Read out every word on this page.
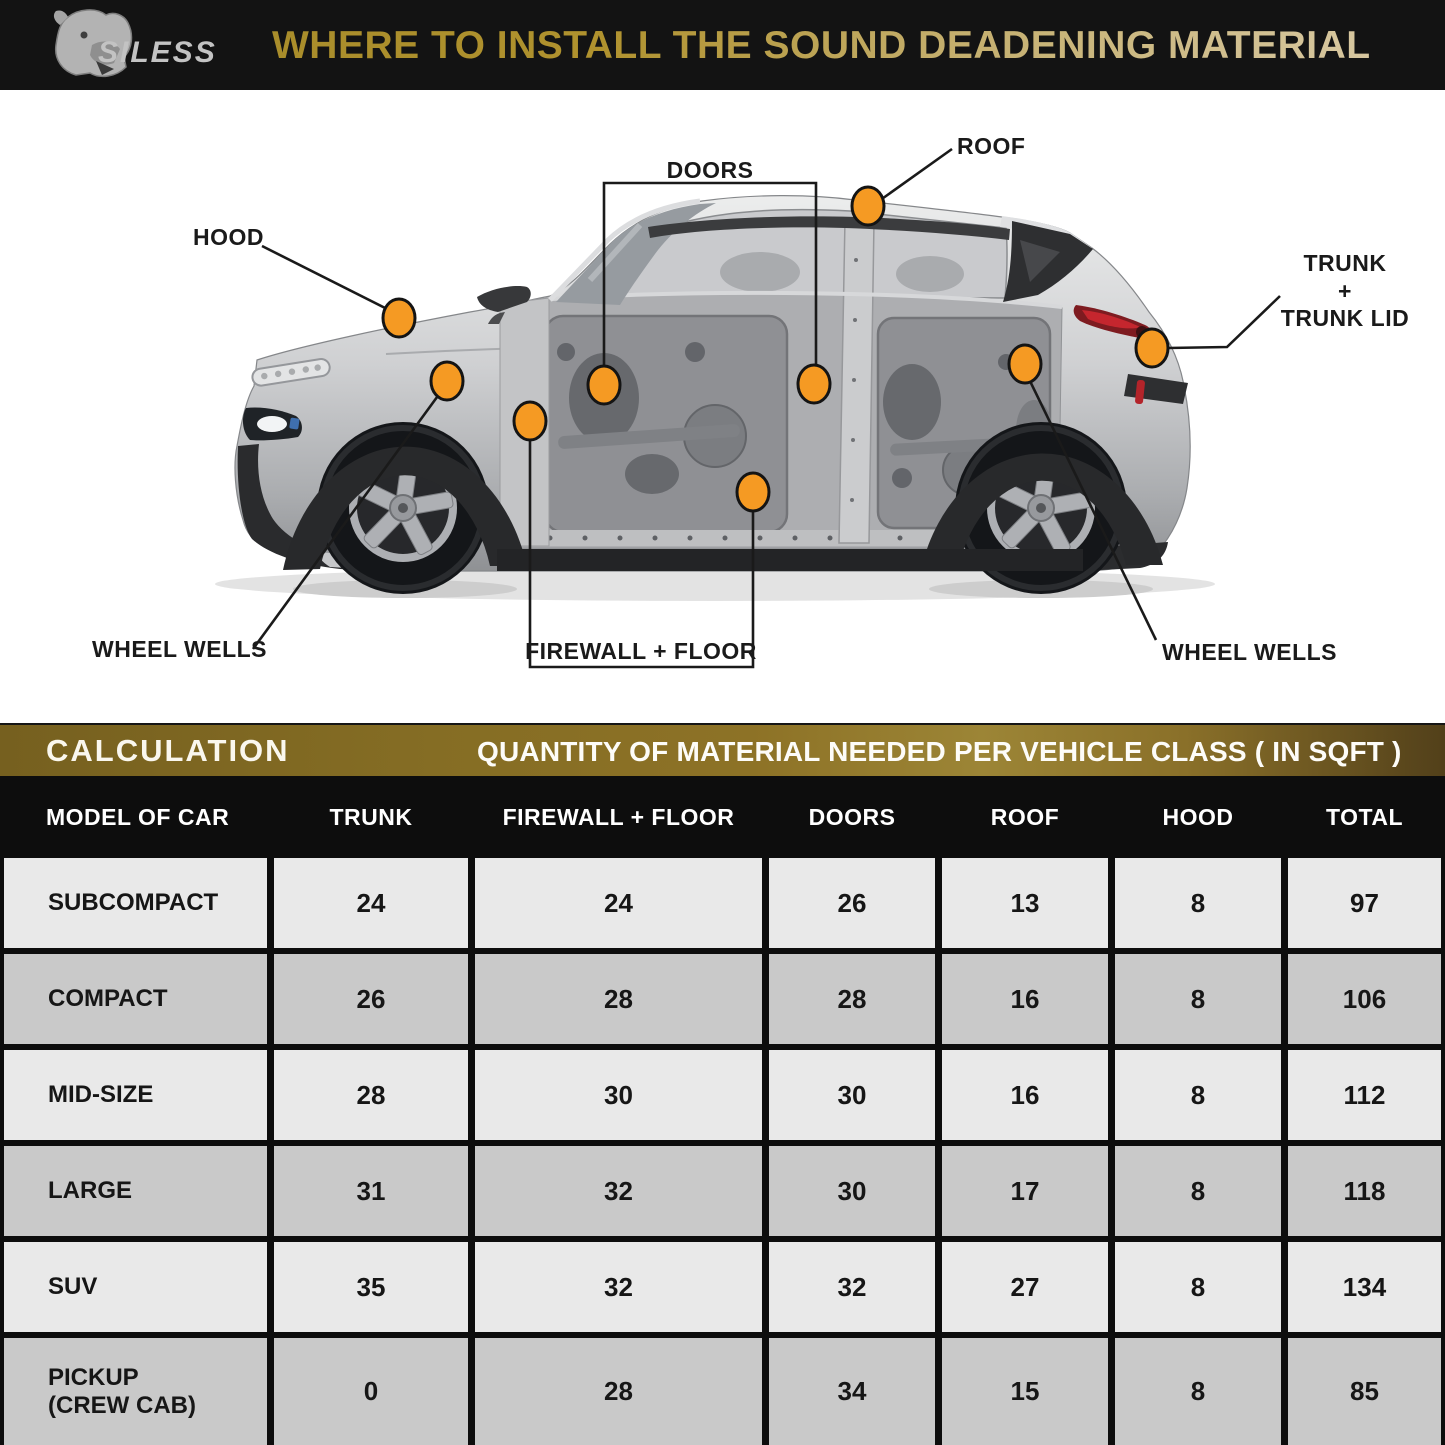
SILESS WHERE TO INSTALL THE SOUND DEADENING MATERIAL
HOOD
DOORS
ROOF
TRUNK
+
TRUNK LID
WHEEL WELLS	FIREWALL + FLOOR	WHEEL WELLS
CALCULATION	QUANTITY OF MATERIAL NEEDED PER VEHICLE CLASS ( IN SQFT )
MODEL OF CAR	TRUNK	FIREWALL + FLOOR	DOORS	ROOF	HOOD	TOTAL
SUBCOMPACT	24	24	26	13	8	97
COMPACT	26	28	28	16	8	106
MID-SIZE	28	30	30	16	8	112
LARGE	31	32	30	17	8	118
SUV	35	32	32	27	8	134
PICKUP
(CREW CAB)	0	28	34	15	8	85
